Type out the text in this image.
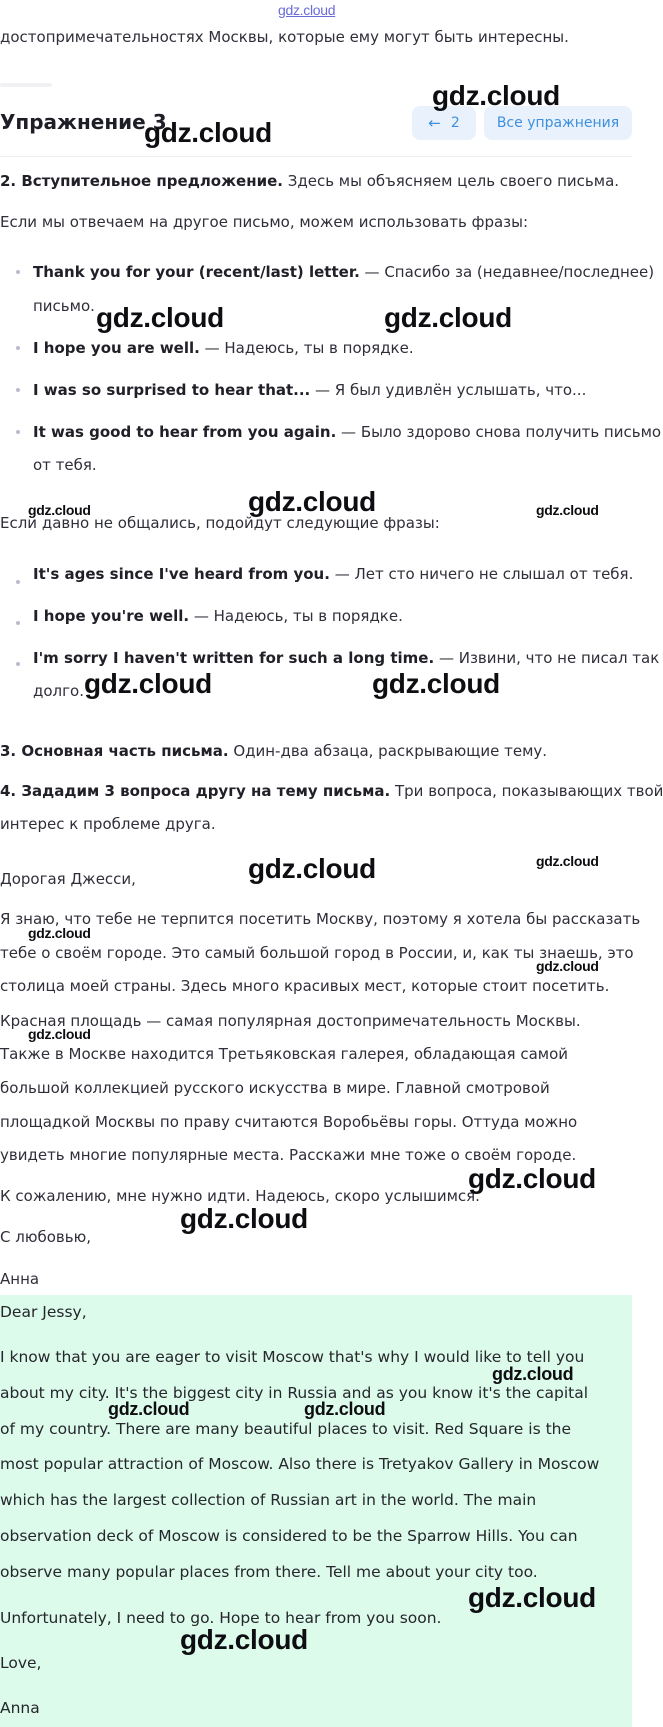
gdz.cloud
достопримечательностях Москвы, которые ему могут быть интересны.
Упражнение 3	← 2	Все упражнения
2. Вступительное предложение. Здесь мы объясняем цель своего письма.
Если мы отвечаем на другое письмо, можем использовать фразы:
Thank you for your (recent/last) letter. — Спасибо за (недавнее/последнее)
письмо.
I hope you are well. — Надеюсь, ты в порядке.
I was so surprised to hear that... — Я был удивлён услышать, что...
It was good to hear from you again. — Было здорово снова получить письмо
от тебя.
Если давно не общались, подойдут следующие фразы:
It's ages since I've heard from you. — Лет сто ничего не слышал от тебя.
I hope you're well. — Надеюсь, ты в порядке.
I'm sorry I haven't written for such a long time. — Извини, что не писал так
долго.
3. Основная часть письма. Один-два абзаца, раскрывающие тему.
4. Зададим 3 вопроса другу на тему письма. Три вопроса, показывающих твой
интерес к проблеме друга.
Дорогая Джесси,
Я знаю, что тебе не терпится посетить Москву, поэтому я хотела бы рассказать
тебе о своём городе. Это самый большой город в России, и, как ты знаешь, это
столица моей страны. Здесь много красивых мест, которые стоит посетить.
Красная площадь — самая популярная достопримечательность Москвы.
Также в Москве находится Третьяковская галерея, обладающая самой
большой коллекцией русского искусства в мире. Главной смотровой
площадкой Москвы по праву считаются Воробьёвы горы. Оттуда можно
увидеть многие популярные места. Расскажи мне тоже о своём городе.
К сожалению, мне нужно идти. Надеюсь, скоро услышимся.
С любовью,
Анна
Dear Jessy,
I know that you are eager to visit Moscow that's why I would like to tell you
about my city. It's the biggest city in Russia and as you know it's the capital
of my country. There are many beautiful places to visit. Red Square is the
most popular attraction of Moscow. Also there is Tretyakov Gallery in Moscow
which has the largest collection of Russian art in the world. The main
observation deck of Moscow is considered to be the Sparrow Hills. You can
observe many popular places from there. Tell me about your city too.
Unfortunately, I need to go. Hope to hear from you soon.
Love,
Anna
gdz.cloud
gdz.cloud
gdz.cloud	gdz.cloud
gdz.cloud
gdz.cloud	gdz.cloud
gdz.cloud	gdz.cloud
gdz.cloud	gdz.cloud
gdz.cloud
gdz.cloud
gdz.cloud
gdz.cloud
gdz.cloud
gdz.cloud
gdz.cloud	gdz.cloud
gdz.cloud
gdz.cloud
